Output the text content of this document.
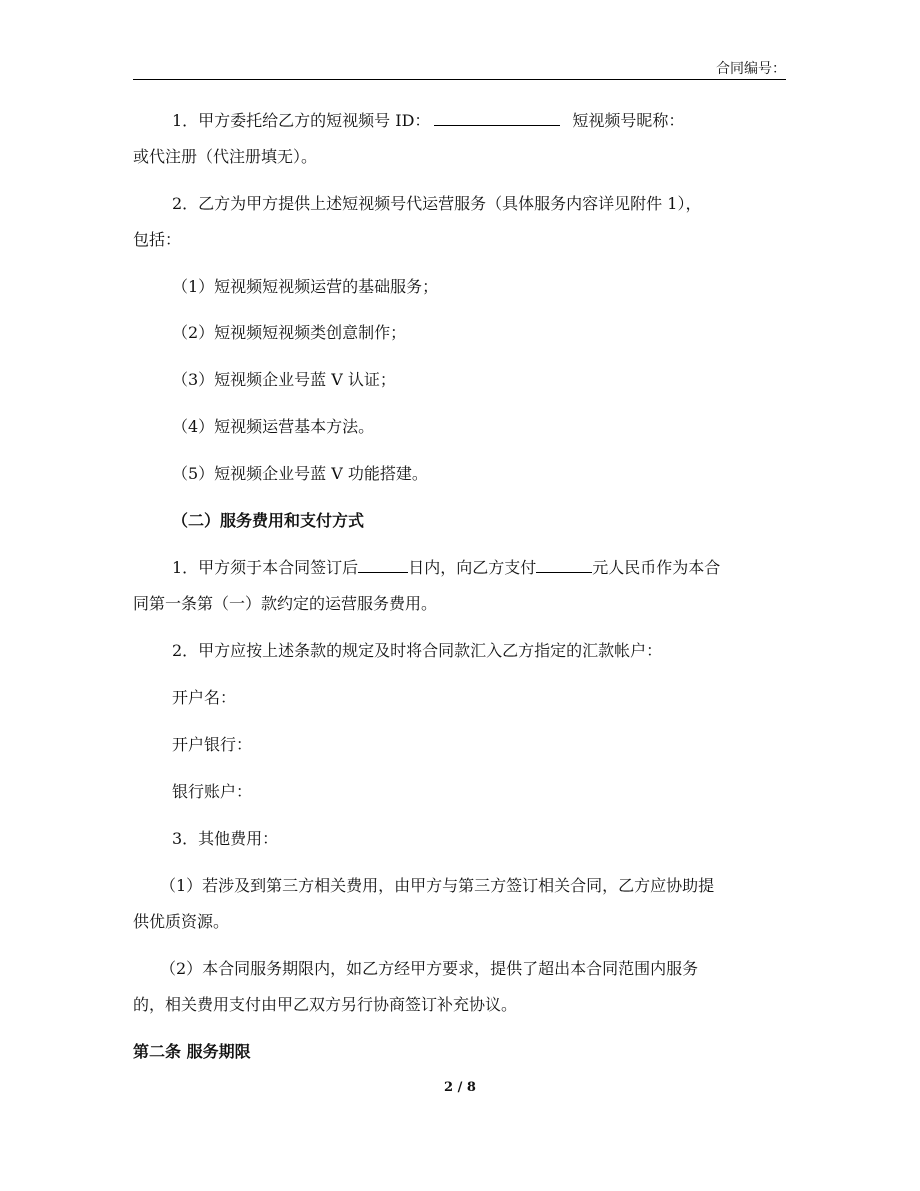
合同编号：
1．甲方委托给乙方的短视频号 ID：	短视频号昵称：
或代注册（代注册填无）。
2．乙方为甲方提供上述短视频号代运营服务（具体服务内容详见附件 1），
包括：
（1）短视频短视频运营的基础服务；
（2）短视频短视频类创意制作；
（3）短视频企业号蓝 V 认证；
（4）短视频运营基本方法。
（5）短视频企业号蓝 V 功能搭建。
（二）服务费用和支付方式
1．甲方须于本合同签订后	日内，向乙方支付	元人民币作为本合
同第一条第（一）款约定的运营服务费用。
2．甲方应按上述条款的规定及时将合同款汇入乙方指定的汇款帐户：
开户名：
开户银行：
银行账户：
3．其他费用：
（1）若涉及到第三方相关费用，由甲方与第三方签订相关合同，乙方应协助提
供优质资源。
（2）本合同服务期限内，如乙方经甲方要求，提供了超出本合同范围内服务
的，相关费用支付由甲乙双方另行协商签订补充协议。
第二条 服务期限
2 / 8
